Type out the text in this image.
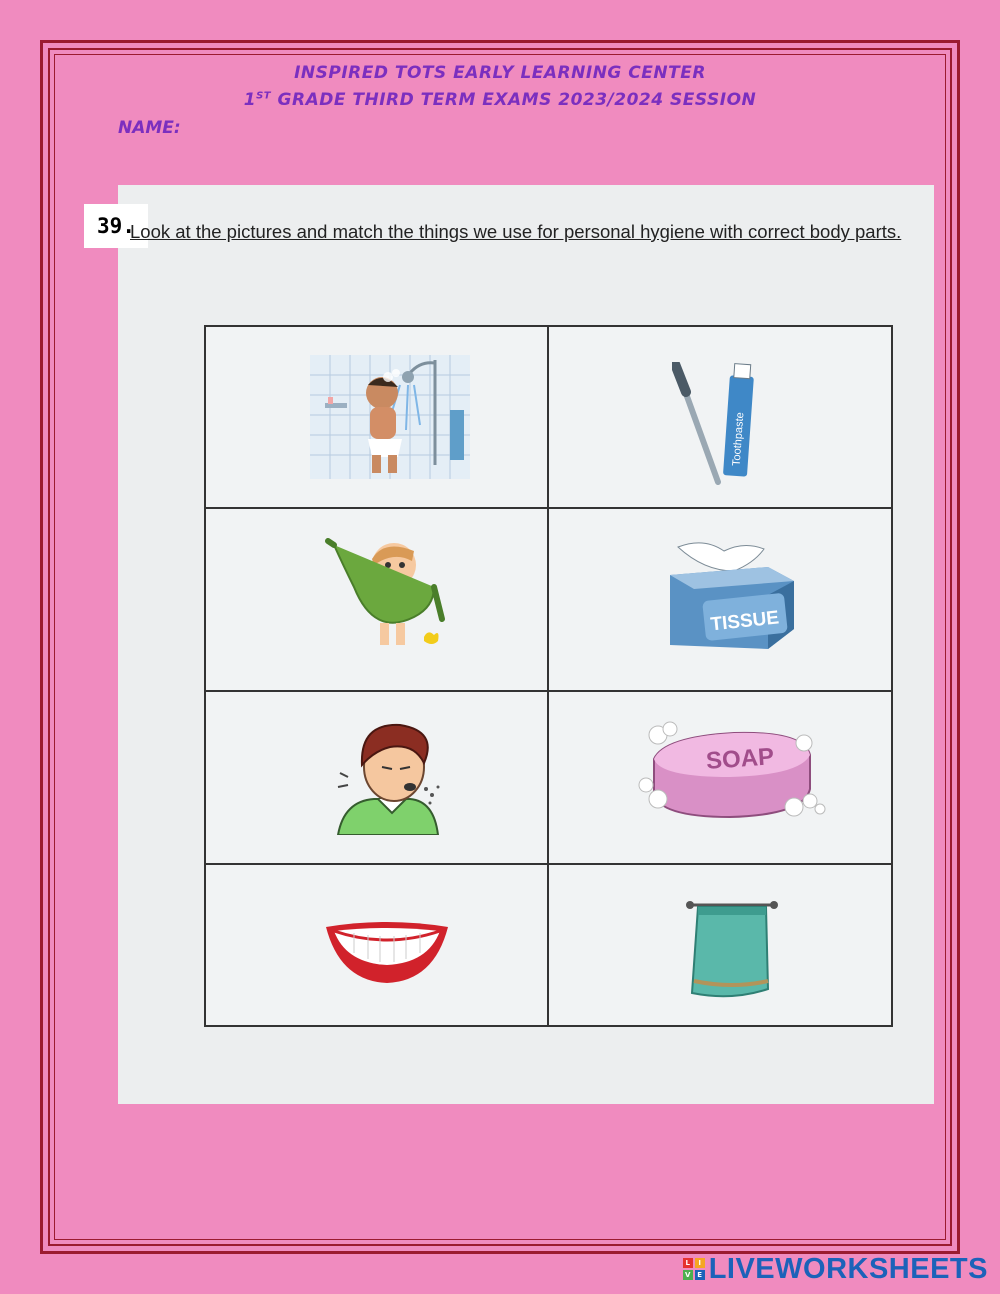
INSPIRED TOTS EARLY LEARNING CENTER
1ST GRADE THIRD TERM EXAMS 2023/2024 SESSION
NAME:
39.
Look at the pictures and match the things we use for personal hygiene with correct body parts.
Toothpaste
TISSUE
SOAP
L	I
V E LIVEWORKSHEETS
